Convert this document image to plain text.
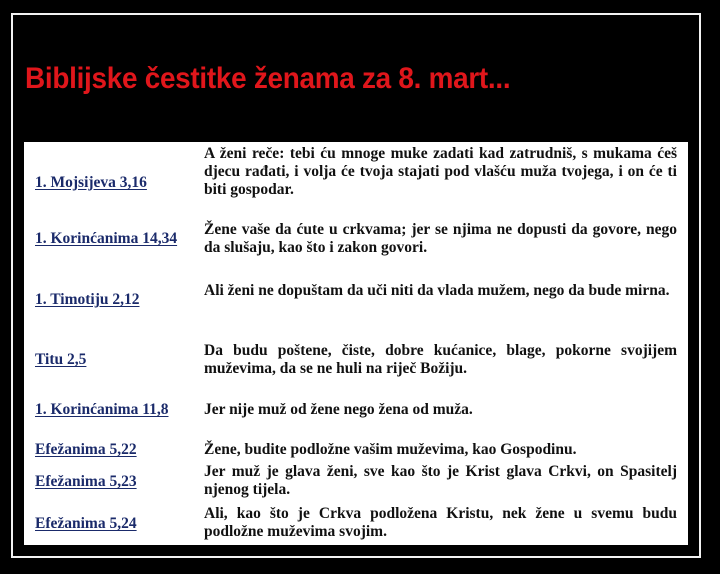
Biblijske čestitke ženama za 8. mart...
1. Mojsijeva 3,16
A ženi reče: tebi ću mnoge muke zadati kad zatrudniš, s mukama ćeš djecu rađati, i volja će tvoja stajati pod vlašću muža tvojega, i on će ti biti gospodar.
1. Korinćanima 14,34
Žene vaše da ćute u crkvama; jer se njima ne dopusti da govore, nego da slušaju, kao što i zakon govori.
1. Timotiju 2,12
Ali ženi ne dopuštam da uči niti da vlada mužem, nego da bude mirna.
Titu 2,5
Da budu poštene, čiste, dobre kućanice, blage, pokorne svojijem muževima, da se ne huli na riječ Božiju.
1. Korinćanima 11,8 Jer nije muž od žene nego žena od muža.
Efežanima 5,22	Žene, budite podložne vašim muževima, kao Gospodinu.
Efežanima 5,23
Jer muž je glava ženi, sve kao što je Krist glava Crkvi, on Spasitelj njenog tijela.
Efežanima 5,24
Ali, kao što je Crkva podložena Kristu, nek žene u svemu budu podložne muževima svojim.
